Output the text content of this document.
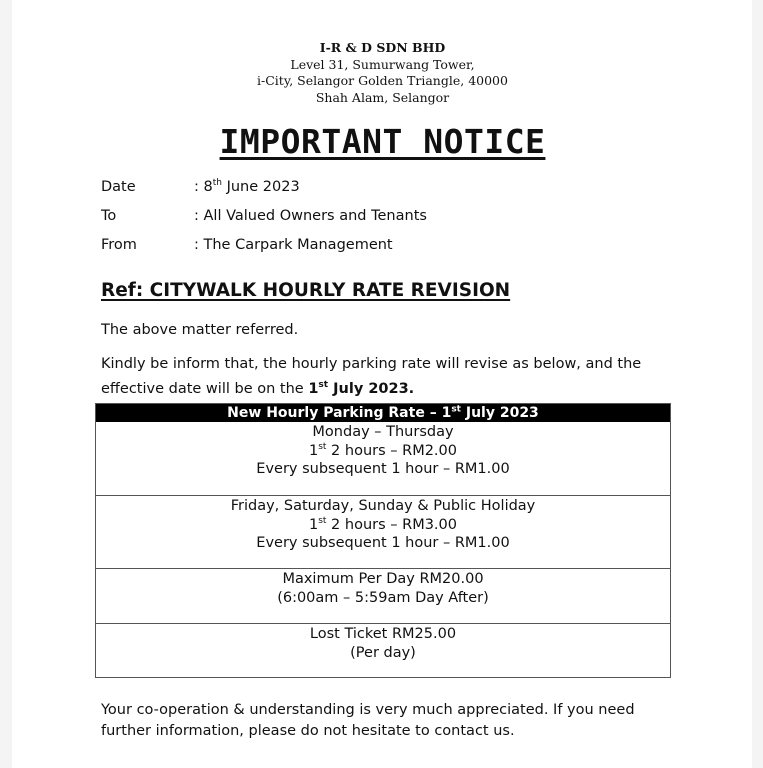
I-R & D SDN BHD
Level 31, Sumurwang Tower,
i-City, Selangor Golden Triangle, 40000
Shah Alam, Selangor
IMPORTANT NOTICE
Date	: 8th June 2023
To	: All Valued Owners and Tenants
From	: The Carpark Management
Ref: CITYWALK HOURLY RATE REVISION
The above matter referred.
Kindly be inform that, the hourly parking rate will revise as below, and the
effective date will be on the 1st July 2023.
New Hourly Parking Rate – 1st July 2023
Monday – Thursday
1st 2 hours – RM2.00
Every subsequent 1 hour – RM1.00
Friday, Saturday, Sunday & Public Holiday
1st 2 hours – RM3.00
Every subsequent 1 hour – RM1.00
Maximum Per Day RM20.00
(6:00am – 5:59am Day After)
Lost Ticket RM25.00
(Per day)
Your co-operation & understanding is very much appreciated. If you need
further information, please do not hesitate to contact us.
